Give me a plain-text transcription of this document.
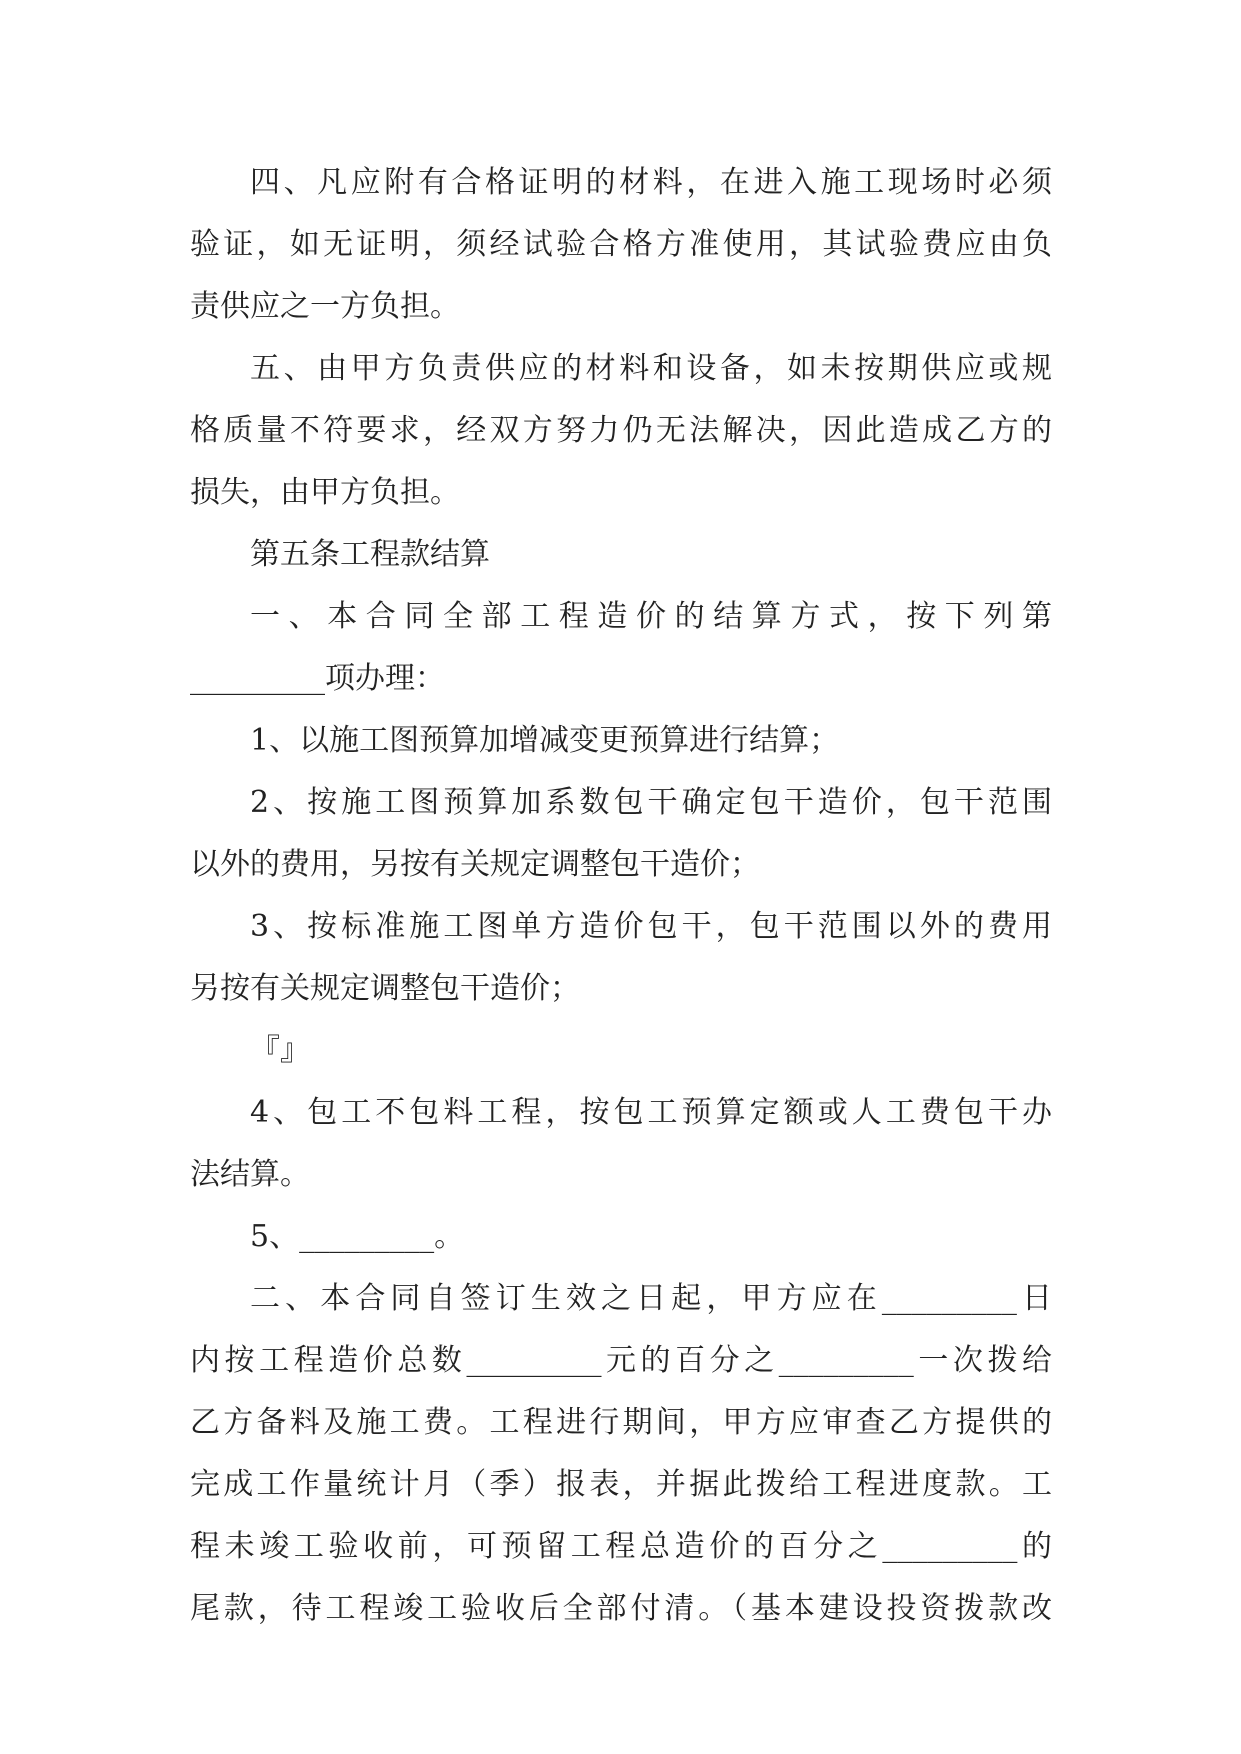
四、凡应附有合格证明的材料，在进入施工现场时必须
验证，如无证明，须经试验合格方准使用，其试验费应由负
责供应之一方负担。

五、由甲方负责供应的材料和设备，如未按期供应或规
格质量不符要求，经双方努力仍无法解决，因此造成乙方的
损失，由甲方负担。

第五条工程款结算

一、本合同全部工程造价的结算方式，按下列第
_________项办理：

1、以施工图预算加增减变更预算进行结算；

2、按施工图预算加系数包干确定包干造价，包干范围
以外的费用，另按有关规定调整包干造价；

3、按标准施工图单方造价包干，包干范围以外的费用
另按有关规定调整包干造价；

『』

4、包工不包料工程，按包工预算定额或人工费包干办
法结算。

5、_________。

二、本合同自签订生效之日起，甲方应在_________日
内按工程造价总数_________元的百分之_________一次拨给
乙方备料及施工费。工程进行期间，甲方应审查乙方提供的
完成工作量统计月（季）报表，并据此拨给工程进度款。工
程未竣工验收前，可预留工程总造价的百分之_________的
尾款，待工程竣工验收后全部付清。（基本建设投资拨款改
